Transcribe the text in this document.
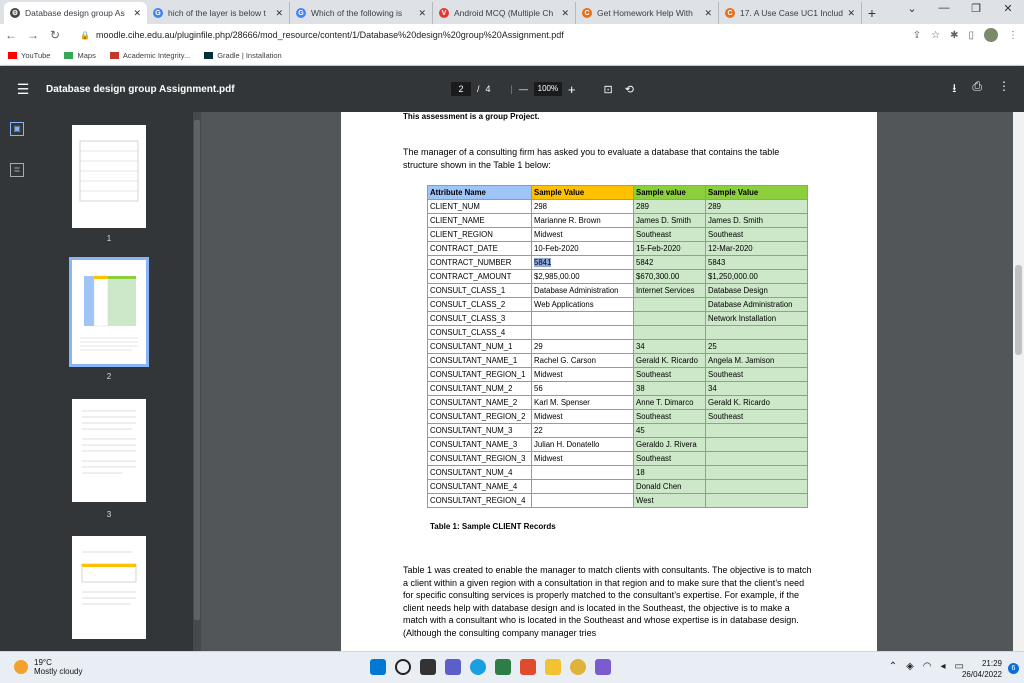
⚙ Database design group As ✕	G hich of the layer is below t	✕	G Which of the following is	✕	V Android MCQ (Multiple Ch ✕	C Get Homework Help With	✕	C 17. A Use Case UC1 Includ ✕ +	⌄	—	❐	✕
← → ↻	🔒 moodle.cihe.edu.au/pluginfile.php/28666/mod_resource/content/1/Database%20design%20group%20Assignment.pdf	⇪ ☆ ✱ ▯	⋮
YouTube	Maps	Academic Integrity...	Gradle | Installation
☰	Database design group Assignment.pdf	2	/ 4 | —	100% +	⊡ ⟲	⭳ ⎙ ⋮
▣
≣
1
2
3
This assessment is a group Project.
The manager of a consulting firm has asked you to evaluate a database that contains the table structure shown in the Table 1 below:
Attribute Name	Sample Value	Sample value	Sample Value
CLIENT_NUM	298	289	289
CLIENT_NAME	Marianne R. Brown	James D. Smith	James D. Smith
CLIENT_REGION	Midwest	Southeast	Southeast
CONTRACT_DATE	10-Feb-2020	15-Feb-2020	12-Mar-2020
CONTRACT_NUMBER	5841	5842	5843
CONTRACT_AMOUNT	$2,985,00.00	$670,300.00	$1,250,000.00
CONSULT_CLASS_1	Database Administration	Internet Services	Database Design
CONSULT_CLASS_2	Web Applications		Database Administration
CONSULT_CLASS_3			Network Installation
CONSULT_CLASS_4			
CONSULTANT_NUM_1	29	34	25
CONSULTANT_NAME_1	Rachel G. Carson	Gerald K. Ricardo	Angela M. Jamison
CONSULTANT_REGION_1	Midwest	Southeast	Southeast
CONSULTANT_NUM_2	56	38	34
CONSULTANT_NAME_2	Karl M. Spenser	Anne T. Dimarco	Gerald K. Ricardo
CONSULTANT_REGION_2	Midwest	Southeast	Southeast
CONSULTANT_NUM_3	22	45	
CONSULTANT_NAME_3	Julian H. Donatello	Geraldo J. Rivera	
CONSULTANT_REGION_3	Midwest	Southeast	
CONSULTANT_NUM_4		18	
CONSULTANT_NAME_4		Donald Chen	
CONSULTANT_REGION_4		West	
Table 1: Sample CLIENT Records
Table 1 was created to enable the manager to match clients with consultants. The objective is to match a client within a given region with a consultation in that region and to make sure that the client’s need for specific consulting services is properly matched to the consultant’s expertise. For example, if the client needs help with database design and is located in the Southeast, the objective is to make a match with a consultant who is located in the Southeast and whose expertise is in database design. (Although the consulting company manager tries
19°C
Mostly cloudy	⌃ ◈ ◠ ◂ ▭	21:29
26/04/2022
6
